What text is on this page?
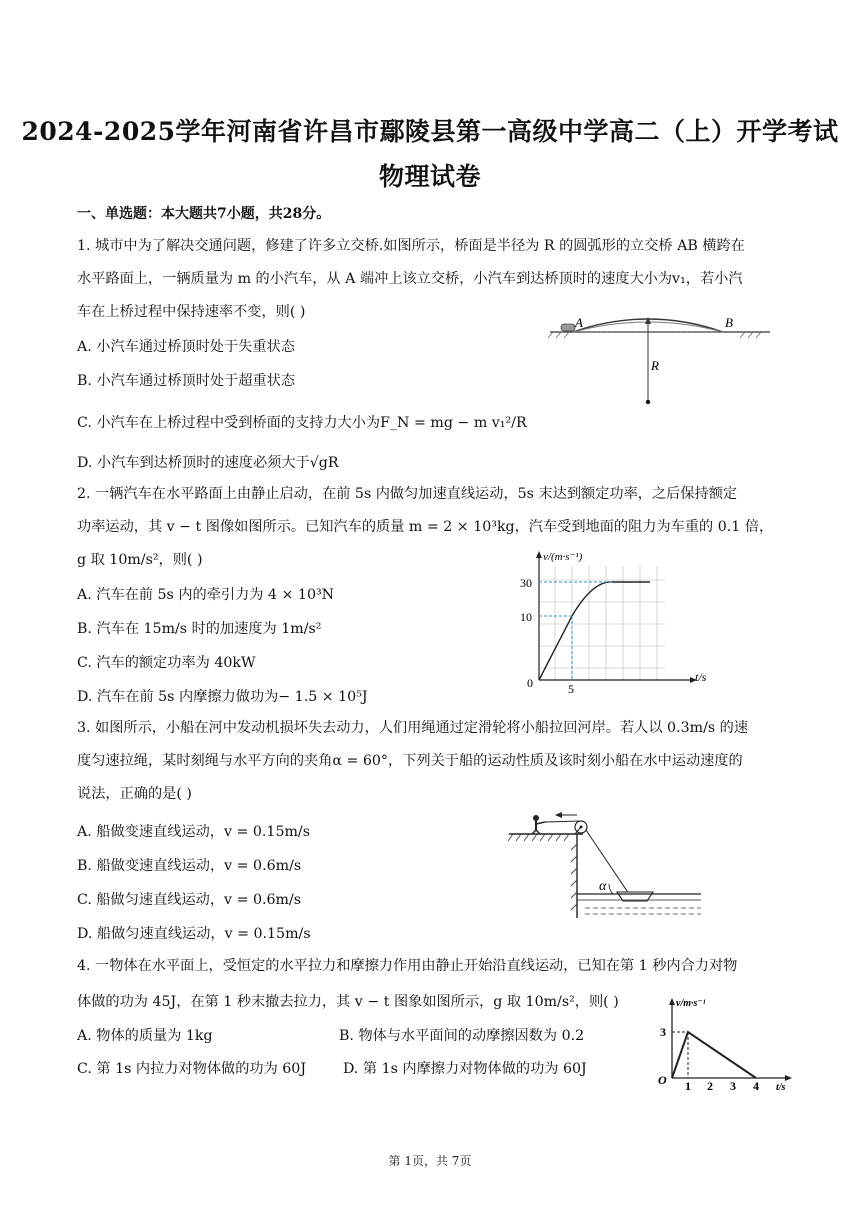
2024-2025学年河南省许昌市鄢陵县第一高级中学高二（上）开学考试
物理试卷
一、单选题：本大题共7小题，共28分。
1. 城市中为了解决交通问题，修建了许多立交桥.如图所示，桥面是半径为 R 的圆弧形的立交桥 AB 横跨在
水平路面上，一辆质量为 m 的小汽车，从 A 端冲上该立交桥，小汽车到达桥顶时的速度大小为v₁，若小汽
车在上桥过程中保持速率不变，则( )
A. 小汽车通过桥顶时处于失重状态
B. 小汽车通过桥顶时处于超重状态
C. 小汽车在上桥过程中受到桥面的支持力大小为F_N = mg − m v₁²/R
D. 小汽车到达桥顶时的速度必须大于√gR
A	B
R
2. 一辆汽车在水平路面上由静止启动，在前 5s 内做匀加速直线运动，5s 末达到额定功率，之后保持额定
功率运动，其 v − t 图像如图所示。已知汽车的质量 m = 2 × 10³kg，汽车受到地面的阻力为车重的 0.1 倍，
g 取 10m/s²，则( )
A. 汽车在前 5s 内的牵引力为 4 × 10³N
B. 汽车在 15m/s 时的加速度为 1m/s²
C. 汽车的额定功率为 40kW
D. 汽车在前 5s 内摩擦力做功为− 1.5 × 10⁵J
v/(m·s⁻¹)
t/s
30
10
5
0
3. 如图所示，小船在河中发动机损坏失去动力，人们用绳通过定滑轮将小船拉回河岸。若人以 0.3m/s 的速
度匀速拉绳，某时刻绳与水平方向的夹角α = 60°，下列关于船的运动性质及该时刻小船在水中运动速度的
说法，正确的是( )
A. 船做变速直线运动，v = 0.15m/s
B. 船做变速直线运动，v = 0.6m/s
C. 船做匀速直线运动，v = 0.6m/s
D. 船做匀速直线运动，v = 0.15m/s
α
4. 一物体在水平面上，受恒定的水平拉力和摩擦力作用由静止开始沿直线运动，已知在第 1 秒内合力对物
体做的功为 45J，在第 1 秒末撤去拉力，其 v − t 图象如图所示，g 取 10m/s²，则( )
A. 物体的质量为 1kg	B. 物体与水平面间的动摩擦因数为 0.2
C. 第 1s 内拉力对物体做的功为 60J	D. 第 1s 内摩擦力对物体做的功为 60J
v/m·s⁻¹
t/s
3
O 1 2 3 4
第 1页，共 7页
